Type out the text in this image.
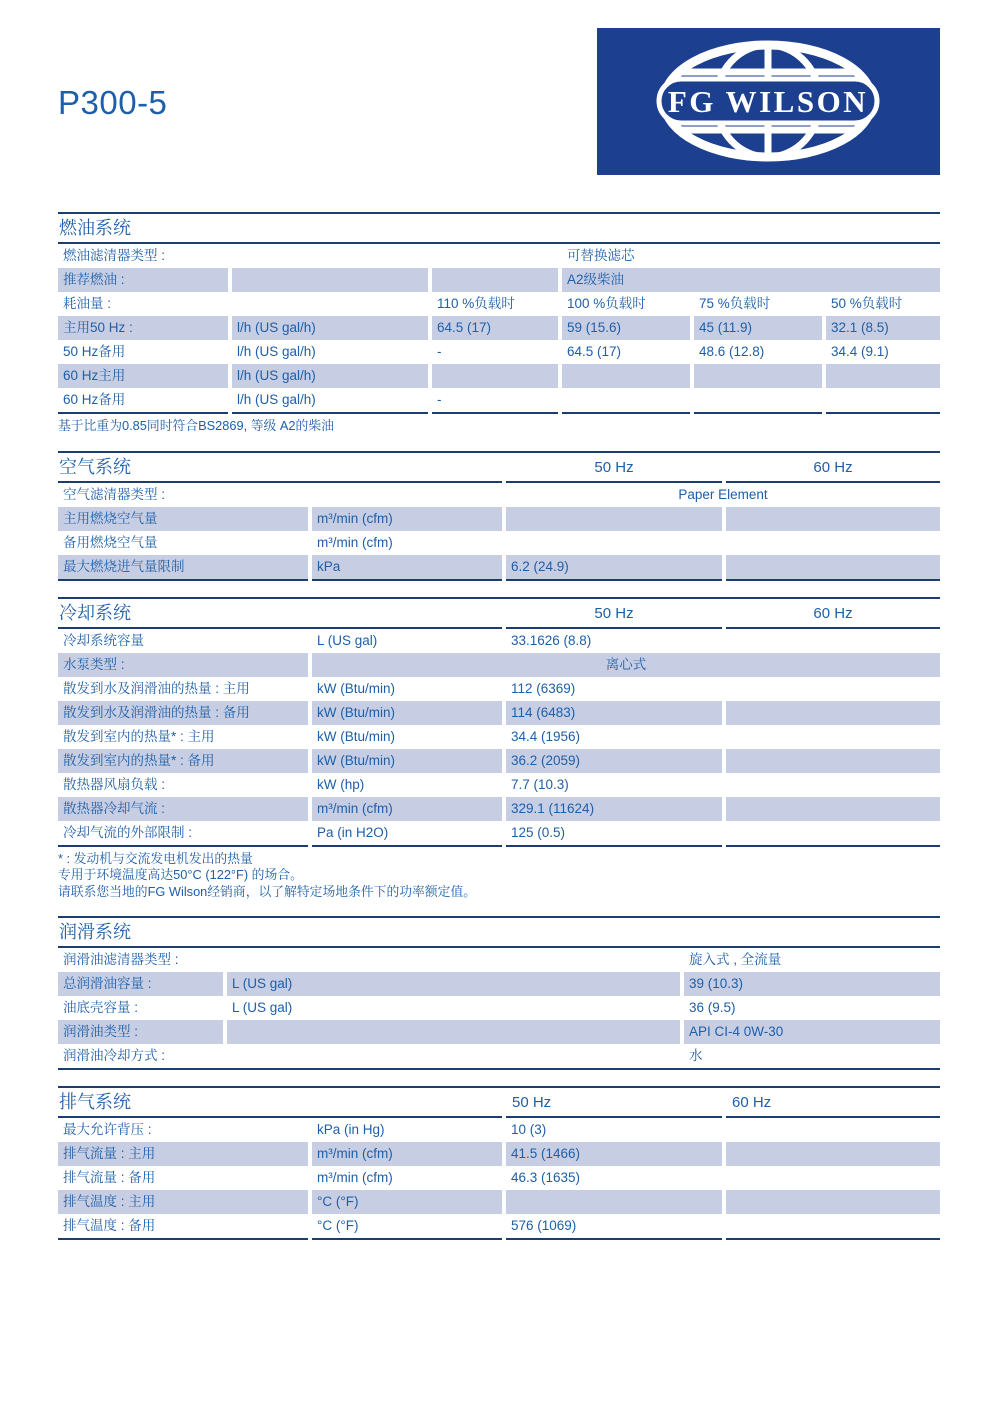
P300-5	FG WILSON
燃油系统
燃油滤清器类型 :	可替换滤芯
推荐燃油 :	A2级柴油
耗油量 :	110 %负载时	100 %负载时	75 %负载时	50 %负载时
主用50 Hz :	l/h (US gal/h)	64.5 (17)	59 (15.6)	45 (11.9)	32.1 (8.5)
50 Hz备用	l/h (US gal/h)	-	64.5 (17)	48.6 (12.8)	34.4 (9.1)
60 Hz主用	l/h (US gal/h)
60 Hz备用	l/h (US gal/h)	-
基于比重为0.85同时符合BS2869, 等级 A2的柴油
空气系统	50 Hz	60 Hz
空气滤清器类型 :	Paper Element
主用燃烧空气量	m³/min (cfm)
备用燃烧空气量	m³/min (cfm)
最大燃烧进气量限制	kPa	6.2 (24.9)
冷却系统	50 Hz	60 Hz
冷却系统容量	L (US gal)	33.1626 (8.8)
水泵类型 :	离心式
散发到水及润滑油的热量 : 主用	kW (Btu/min)	112 (6369)
散发到水及润滑油的热量 : 备用	kW (Btu/min)	114 (6483)
散发到室内的热量* : 主用	kW (Btu/min)	34.4 (1956)
散发到室内的热量* : 备用	kW (Btu/min)	36.2 (2059)
散热器风扇负载 :	kW (hp)	7.7 (10.3)
散热器冷却气流 :	m³/min (cfm)	329.1 (11624)
冷却气流的外部限制 :	Pa (in H2O)	125 (0.5)
* : 发动机与交流发电机发出的热量
专用于环境温度高达50°C (122°F) 的场合。
请联系您当地的FG Wilson经销商，以了解特定场地条件下的功率额定值。
润滑系统
润滑油滤清器类型 :	旋入式 , 全流量
总润滑油容量 :	L (US gal)	39 (10.3)
油底壳容量 :	L (US gal)	36 (9.5)
润滑油类型 :	API CI-4 0W-30
润滑油冷却方式 :	水
排气系统	50 Hz	60 Hz
最大允许背压 :	kPa (in Hg)	10 (3)
排气流量 : 主用	m³/min (cfm)	41.5 (1466)
排气流量 : 备用	m³/min (cfm)	46.3 (1635)
排气温度 : 主用	°C (°F)
排气温度 : 备用	°C (°F)	576 (1069)
